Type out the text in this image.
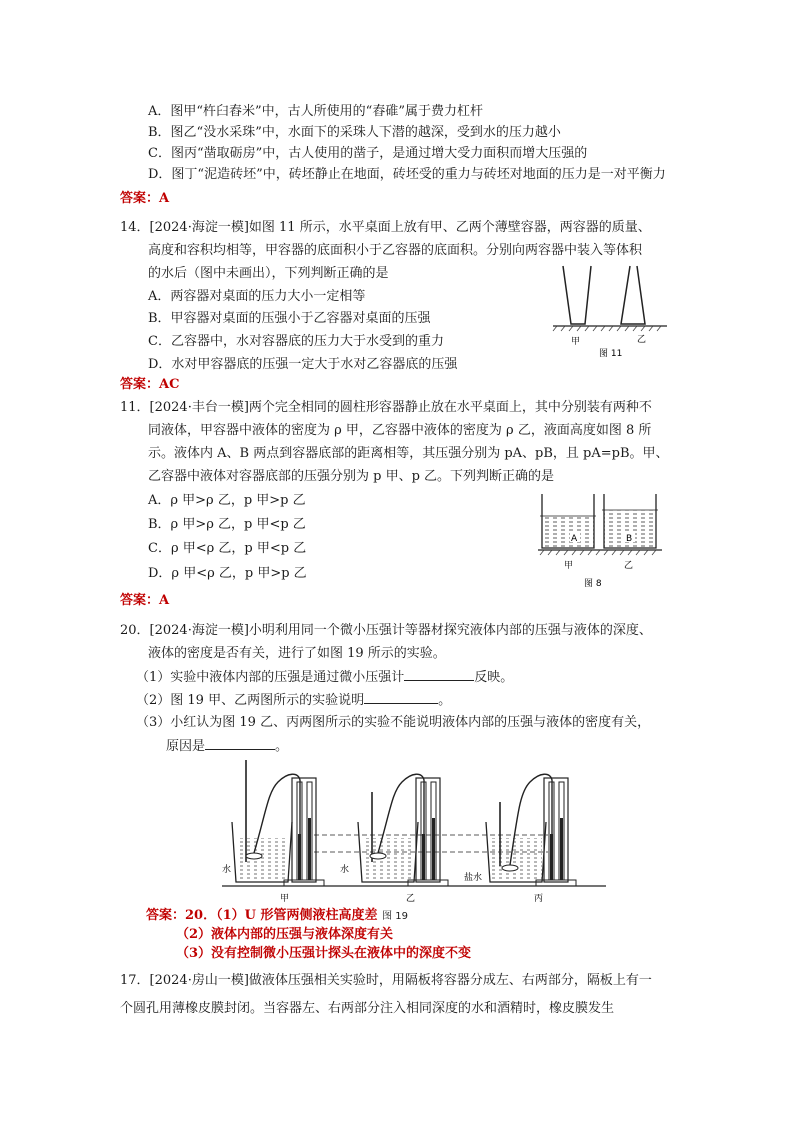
A．图甲“杵臼舂米”中，古人所使用的“舂碓”属于费力杠杆
B．图乙“没水采珠”中，水面下的采珠人下潜的越深，受到水的压力越小
C．图丙“凿取砺房”中，古人使用的凿子，是通过增大受力面积而增大压强的
D．图丁“泥造砖坯”中，砖坯静止在地面，砖坯受的重力与砖坯对地面的压力是一对平衡力
答案：A
14．[2024·海淀一模]如图 11 所示，水平桌面上放有甲、乙两个薄壁容器，两容器的质量、
高度和容积均相等，甲容器的底面积小于乙容器的底面积。分别向两容器中装入等体积
的水后（图中未画出），下列判断正确的是
A．两容器对桌面的压力大小一定相等
B．甲容器对桌面的压强小于乙容器对桌面的压强
C．乙容器中，水对容器底的压力大于水受到的重力
D．水对甲容器底的压强一定大于水对乙容器底的压强
答案：AC
甲	乙
图 11
11．[2024·丰台一模]两个完全相同的圆柱形容器静止放在水平桌面上，其中分别装有两种不
同液体，甲容器中液体的密度为 ρ 甲，乙容器中液体的密度为 ρ 乙，液面高度如图 8 所
示。液体内 A、B 两点到容器底部的距离相等，其压强分别为 pA、pB，且 pA=pB。甲、
乙容器中液体对容器底部的压强分别为 p 甲、p 乙。下列判断正确的是
A．ρ 甲>ρ 乙，p 甲>p 乙
B．ρ 甲>ρ 乙，p 甲<p 乙
C．ρ 甲<ρ 乙，p 甲<p 乙
D．ρ 甲<ρ 乙，p 甲>p 乙
答案：A
A	B
甲	乙
图 8
20．[2024·海淀一模]小明利用同一个微小压强计等器材探究液体内部的压强与液体的深度、
液体的密度是否有关，进行了如图 19 所示的实验。
（1）实验中液体内部的压强是通过微小压强计	反映。
（2）图 19 甲、乙两图所示的实验说明	。
（3）小红认为图 19 乙、丙两图所示的实验不能说明液体内部的压强与液体的密度有关，
原因是	。
水
甲
水
乙
盐水
丙
答案：20．（1）U 形管两侧液柱高度差 图 19
（2）液体内部的压强与液体深度有关
（3）没有控制微小压强计探头在液体中的深度不变
17．[2024·房山一模]做液体压强相关实验时，用隔板将容器分成左、右两部分，隔板上有一
个圆孔用薄橡皮膜封闭。当容器左、右两部分注入相同深度的水和酒精时，橡皮膜发生
